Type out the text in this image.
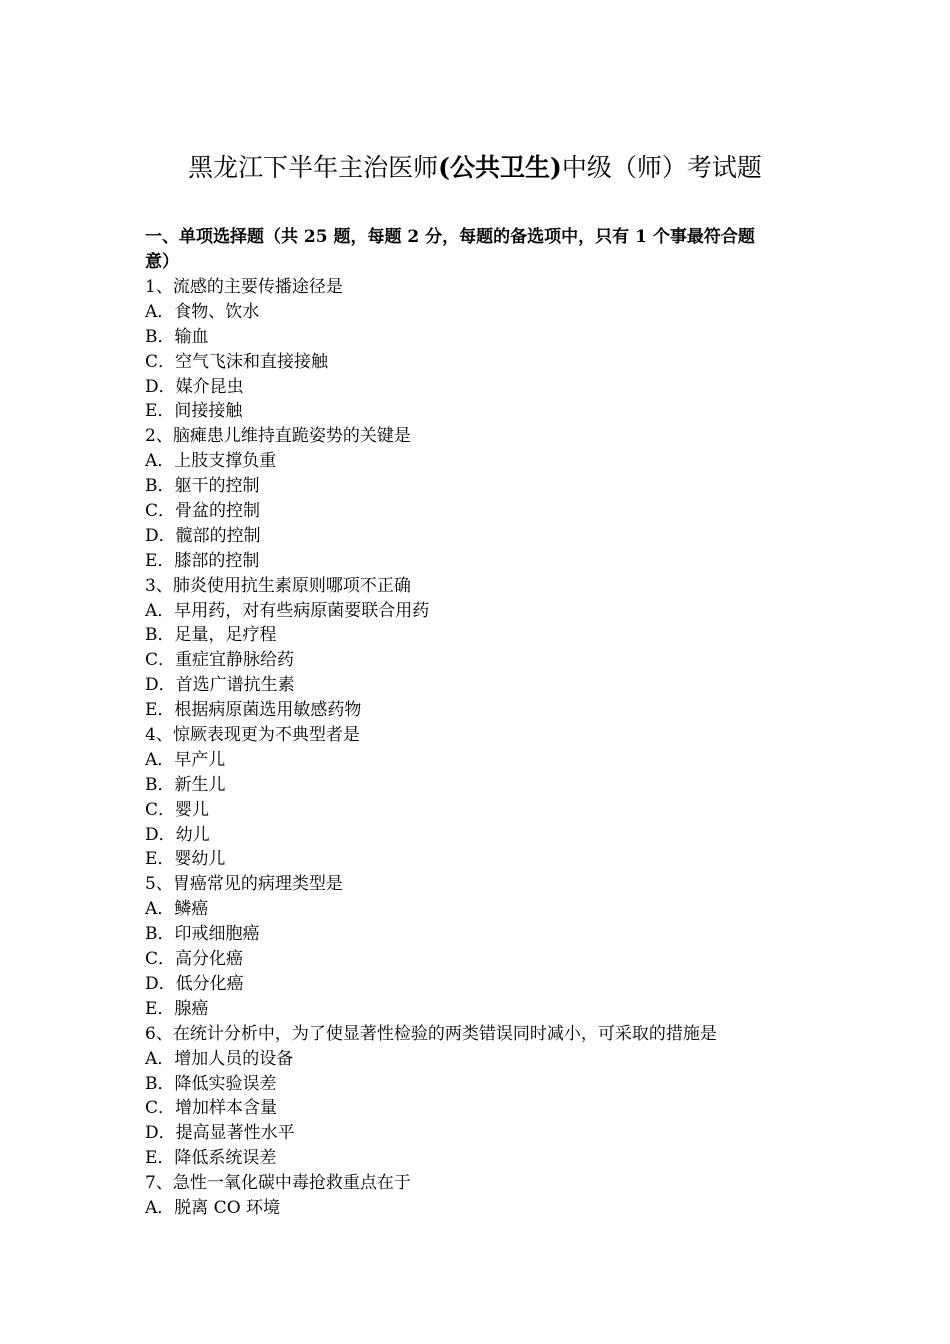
黑龙江下半年主治医师(公共卫生)中级（师）考试题

一、单项选择题（共 25 题，每题 2 分，每题的备选项中，只有 1 个事最符合题

意）

1、流感的主要传播途径是

A．食物、饮水

B．输血

C．空气飞沫和直接接触

D．媒介昆虫

E．间接接触

2、脑瘫患儿维持直跪姿势的关键是

A．上肢支撑负重

B．躯干的控制

C．骨盆的控制

D．髋部的控制

E．膝部的控制

3、肺炎使用抗生素原则哪项不正确

A．早用药，对有些病原菌要联合用药

B．足量，足疗程

C．重症宜静脉给药

D．首选广谱抗生素

E．根据病原菌选用敏感药物

4、惊厥表现更为不典型者是

A．早产儿

B．新生儿

C．婴儿

D．幼儿

E．婴幼儿

5、胃癌常见的病理类型是

A．鳞癌

B．印戒细胞癌

C．高分化癌

D．低分化癌

E．腺癌

6、在统计分析中，为了使显著性检验的两类错误同时减小，可采取的措施是

A．增加人员的设备

B．降低实验误差

C．增加样本含量

D．提高显著性水平

E．降低系统误差

7、急性一氧化碳中毒抢救重点在于

A．脱离 CO 环境
